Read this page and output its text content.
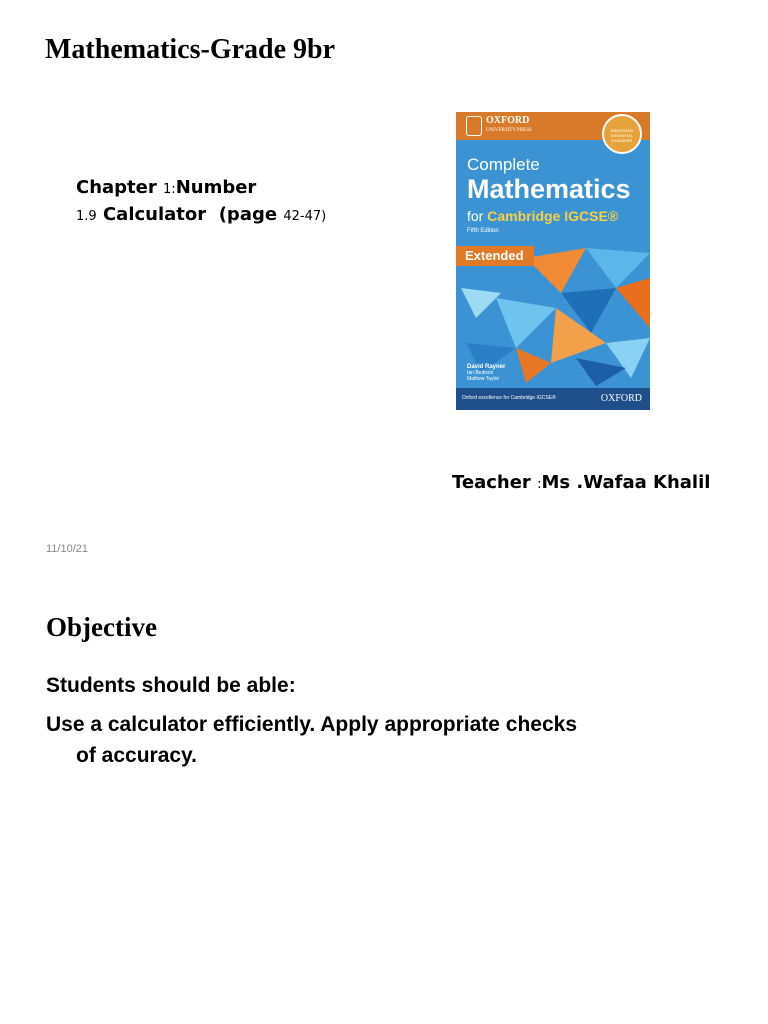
Mathematics-Grade 9br
Chapter 1:Number
1.9 Calculator (page 42-47)
OXFORD
UNIVERSITY PRESS	ENDORSED ESSENTIAL EXAMINER
Complete
Mathematics
for Cambridge IGCSE®
Fifth Edition
Extended
David Rayner
Ian Bettison
Mathew Taylor
Oxford excellence for Cambridge IGCSE®	OXFORD
Teacher :Ms .Wafaa Khalil
11/10/21
Objective
Students should be able:
Use a calculator efficiently. Apply appropriate checks
of accuracy.
